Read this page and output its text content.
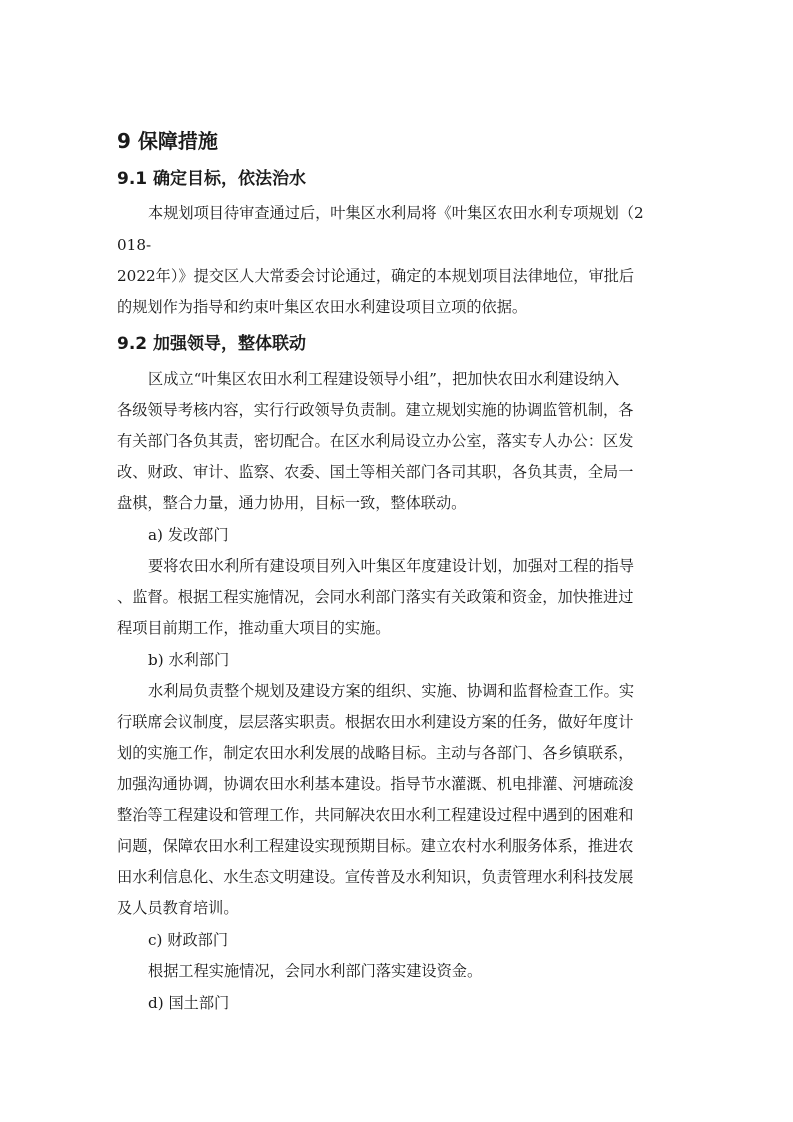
9 保障措施
9.1 确定目标，依法治水
本规划项目待审查通过后，叶集区水利局将《叶集区农田水利专项规划（2
018-
2022年）》提交区人大常委会讨论通过，确定的本规划项目法律地位，审批后
的规划作为指导和约束叶集区农田水利建设项目立项的依据。
9.2 加强领导，整体联动
区成立“叶集区农田水利工程建设领导小组”，把加快农田水利建设纳入
各级领导考核内容，实行行政领导负责制。建立规划实施的协调监管机制，各
有关部门各负其责，密切配合。在区水利局设立办公室，落实专人办公：区发
改、财政、审计、监察、农委、国土等相关部门各司其职，各负其责，全局一
盘棋，整合力量，通力协用，目标一致，整体联动。
a) 发改部门
要将农田水利所有建设项目列入叶集区年度建设计划，加强对工程的指导
、监督。根据工程实施情况，会同水利部门落实有关政策和资金，加快推进过
程项目前期工作，推动重大项目的实施。
b) 水利部门
水利局负责整个规划及建设方案的组织、实施、协调和监督检查工作。实
行联席会议制度，层层落实职责。根据农田水利建设方案的任务，做好年度计
划的实施工作，制定农田水利发展的战略目标。主动与各部门、各乡镇联系，
加强沟通协调，协调农田水利基本建设。指导节水灌溉、机电排灌、河塘疏浚
整治等工程建设和管理工作，共同解决农田水利工程建设过程中遇到的困难和
问题，保障农田水利工程建设实现预期目标。建立农村水利服务体系，推进农
田水利信息化、水生态文明建设。宣传普及水利知识，负责管理水利科技发展
及人员教育培训。
c) 财政部门
根据工程实施情况，会同水利部门落实建设资金。
d) 国土部门
